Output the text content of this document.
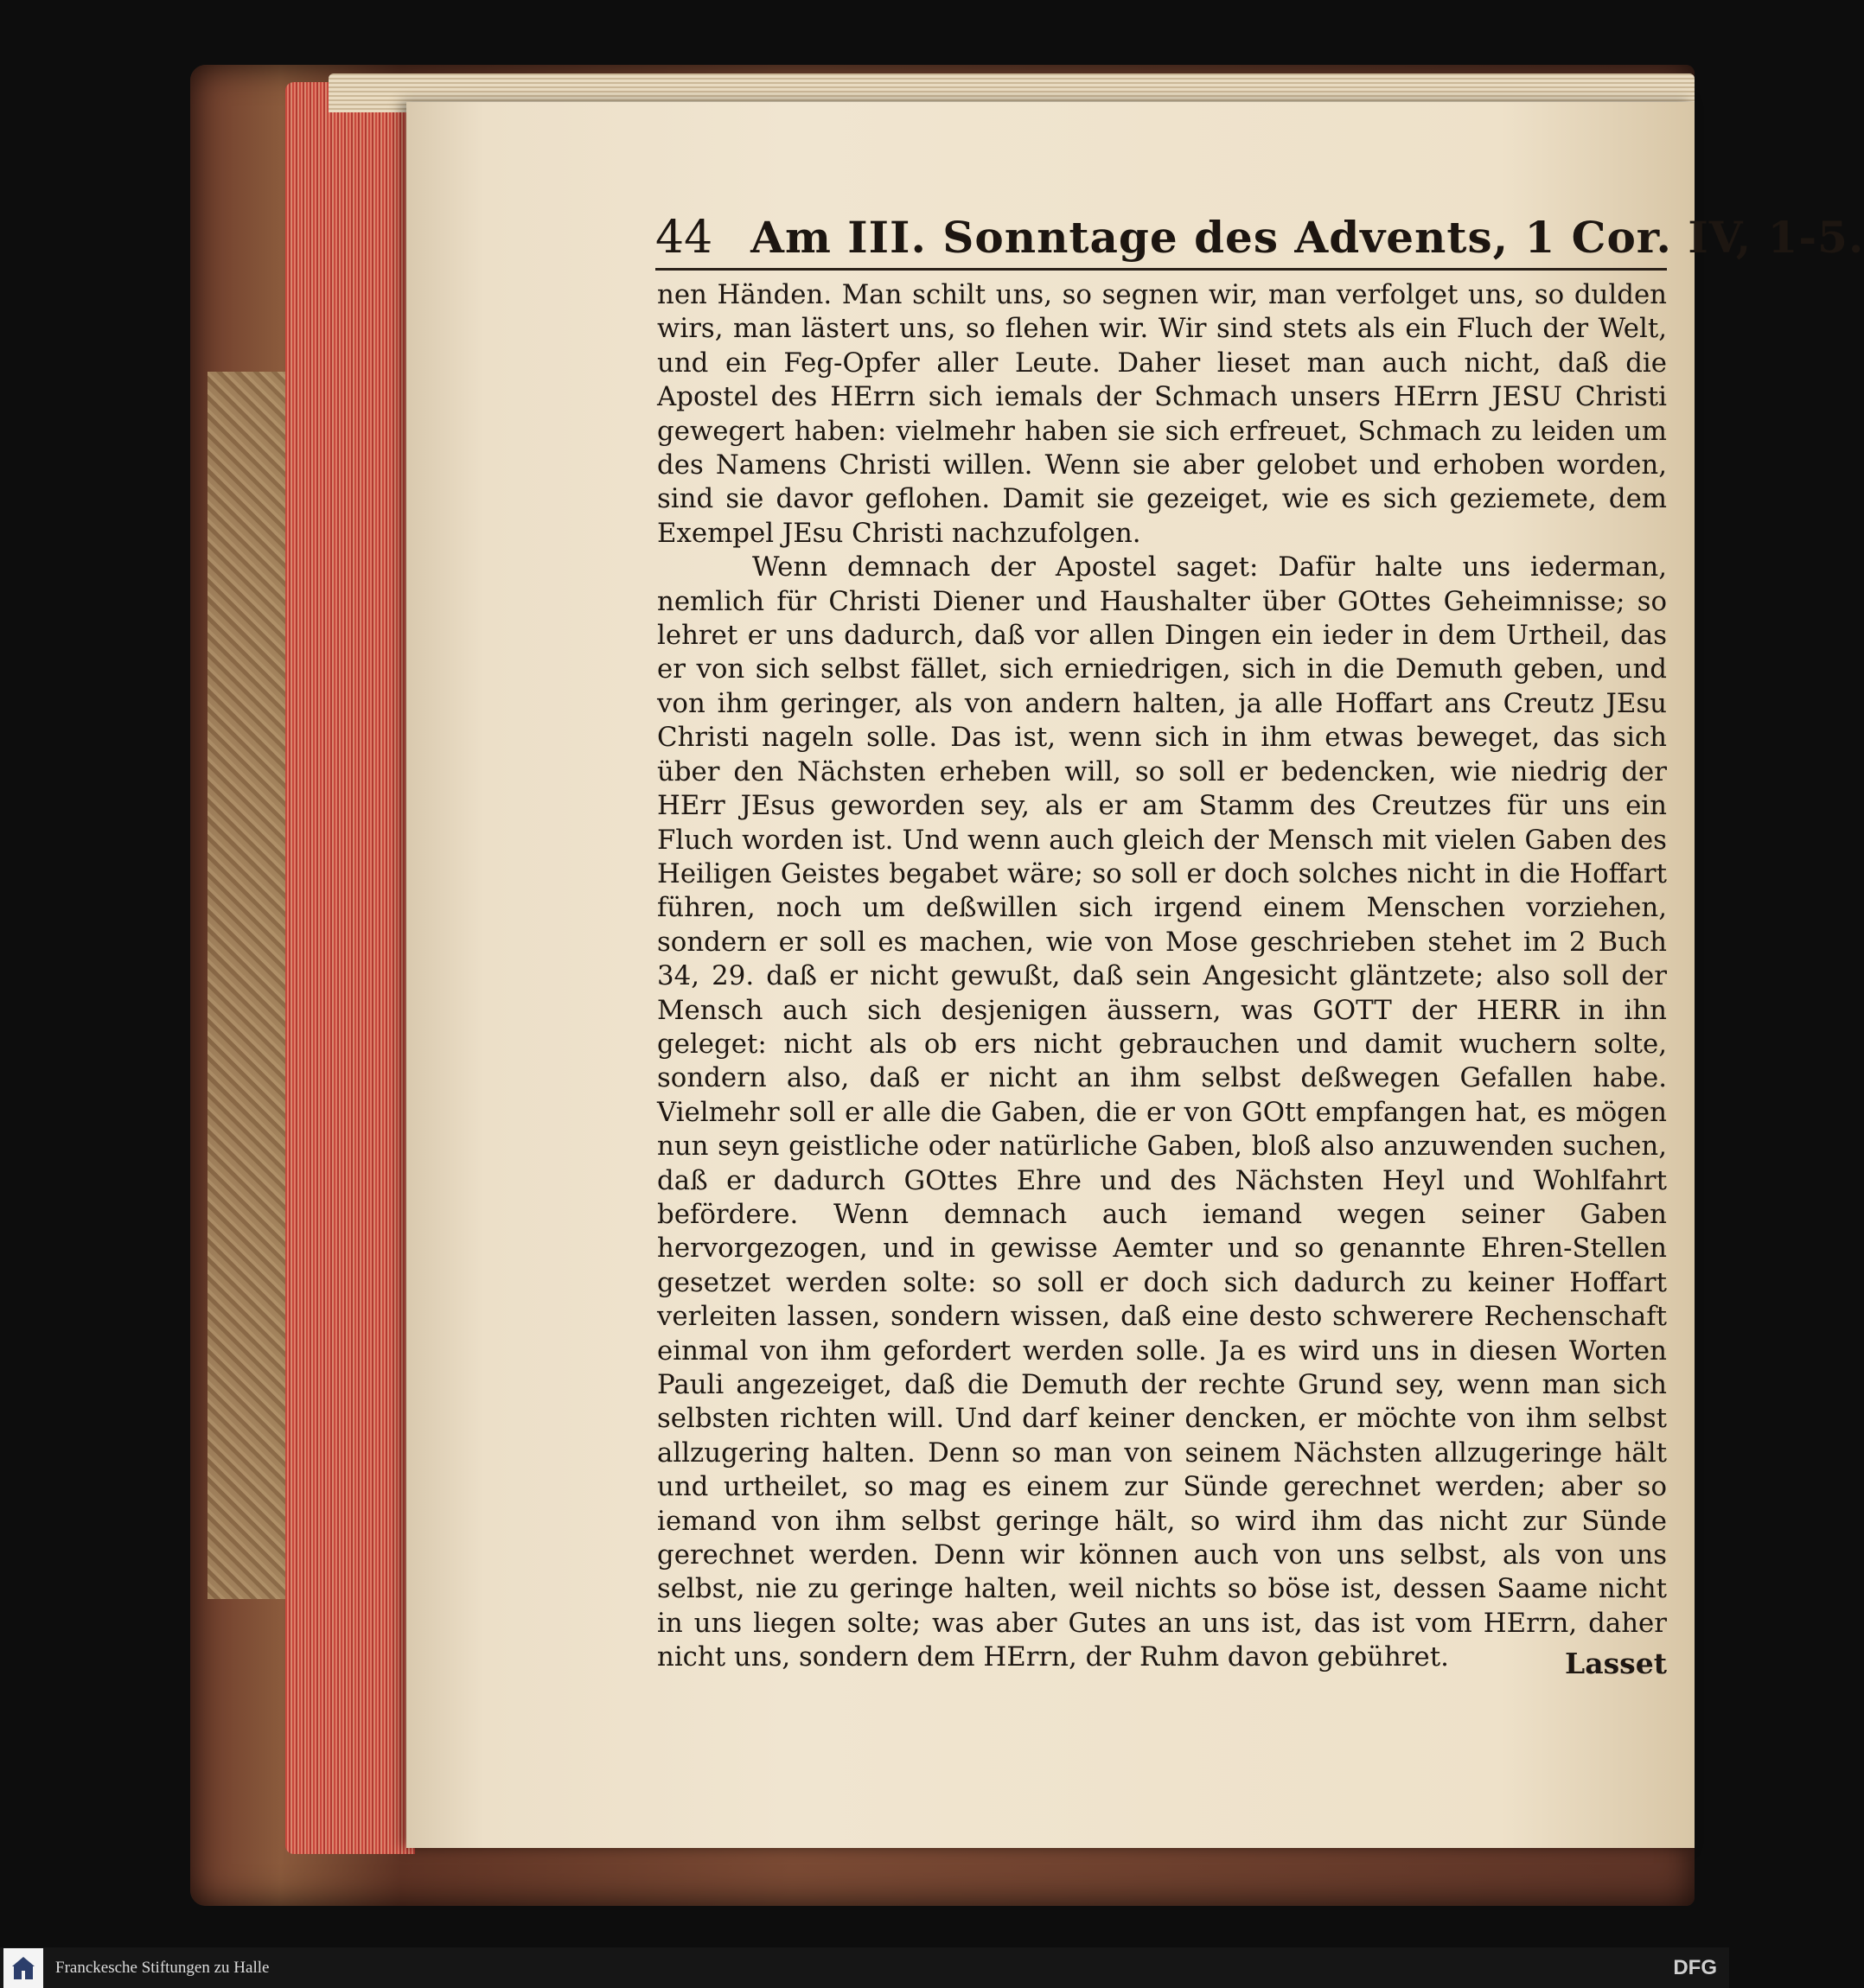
44 Am III. Sonntage des Advents, 1 Cor. IV, 1-5.

nen Händen. Man schilt uns, so segnen wir, man verfolget uns, so dulden wirs, man lästert uns, so flehen wir. Wir sind stets als ein Fluch der Welt, und ein Feg-Opfer aller Leute. Daher lieset man auch nicht, daß die Apostel des HErrn sich iemals der Schmach unsers HErrn JESU Christi gewegert haben: vielmehr haben sie sich erfreuet, Schmach zu leiden um des Namens Christi willen. Wenn sie aber gelobet und erhoben worden, sind sie davor geflohen. Damit sie gezeiget, wie es sich geziemete, dem Exempel JEsu Christi nachzufolgen.

Wenn demnach der Apostel saget: Dafür halte uns iederman, nemlich für Christi Diener und Haushalter über GOttes Geheimnisse; so lehret er uns dadurch, daß vor allen Dingen ein ieder in dem Urtheil, das er von sich selbst fället, sich erniedrigen, sich in die Demuth geben, und von ihm geringer, als von andern halten, ja alle Hoffart ans Creutz JEsu Christi nageln solle. Das ist, wenn sich in ihm etwas beweget, das sich über den Nächsten erheben will, so soll er bedencken, wie niedrig der HErr JEsus geworden sey, als er am Stamm des Creutzes für uns ein Fluch worden ist. Und wenn auch gleich der Mensch mit vielen Gaben des Heiligen Geistes begabet wäre; so soll er doch solches nicht in die Hoffart führen, noch um deßwillen sich irgend einem Menschen vorziehen, sondern er soll es machen, wie von Mose geschrieben stehet im 2 Buch 34, 29. daß er nicht gewußt, daß sein Angesicht gläntzete; also soll der Mensch auch sich desjenigen äussern, was GOTT der HERR in ihn geleget: nicht als ob ers nicht gebrauchen und damit wuchern solte, sondern also, daß er nicht an ihm selbst deßwegen Gefallen habe. Vielmehr soll er alle die Gaben, die er von GOtt empfangen hat, es mögen nun seyn geistliche oder natürliche Gaben, bloß also anzuwenden suchen, daß er dadurch GOttes Ehre und des Nächsten Heyl und Wohlfahrt befördere. Wenn demnach auch iemand wegen seiner Gaben hervorgezogen, und in gewisse Aemter und so genannte Ehren-Stellen gesetzet werden solte: so soll er doch sich dadurch zu keiner Hoffart verleiten lassen, sondern wissen, daß eine desto schwerere Rechenschaft einmal von ihm gefordert werden solle. Ja es wird uns in diesen Worten Pauli angezeiget, daß die Demuth der rechte Grund sey, wenn man sich selbsten richten will. Und darf keiner dencken, er möchte von ihm selbst allzugering halten. Denn so man von seinem Nächsten allzugeringe hält und urtheilet, so mag es einem zur Sünde gerechnet werden; aber so iemand von ihm selbst geringe hält, so wird ihm das nicht zur Sünde gerechnet werden. Denn wir können auch von uns selbst, als von uns selbst, nie zu geringe halten, weil nichts so böse ist, dessen Saame nicht in uns liegen solte; was aber Gutes an uns ist, das ist vom HErrn, daher nicht uns, sondern dem HErrn, der Ruhm davon gebühret.	Lasset
Franckesche Stiftungen zu Halle	DFG
